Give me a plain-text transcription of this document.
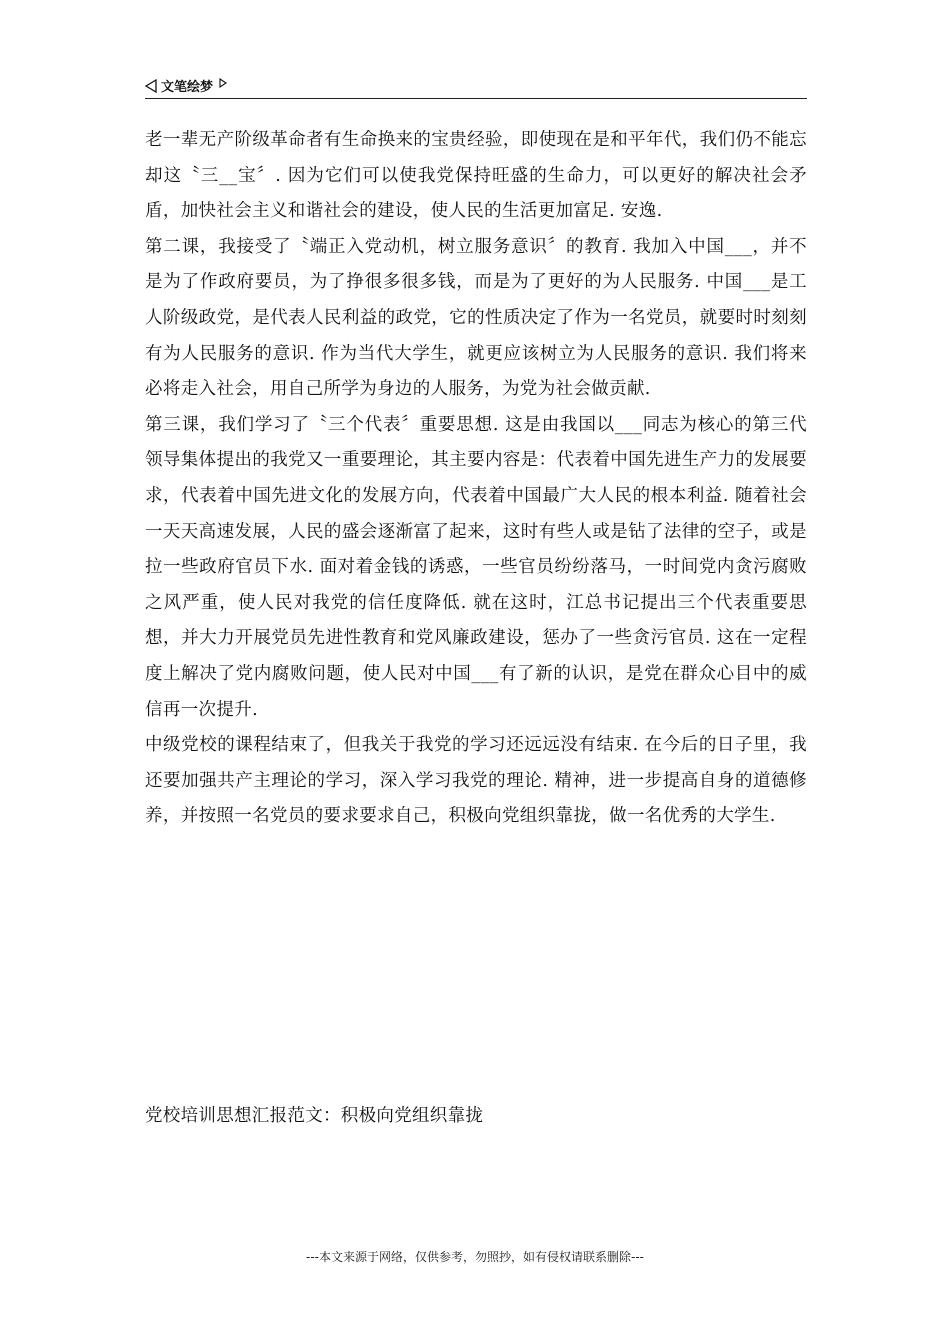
文笔绘梦

老一辈无产阶级革命者有生命换来的宝贵经验，即使现在是和平年代，我们仍不能忘却这〝三__宝〞. 因为它们可以使我党保持旺盛的生命力，可以更好的解决社会矛盾，加快社会主义和谐社会的建设，使人民的生活更加富足. 安逸.

第二课，我接受了〝端正入党动机，树立服务意识〞的教育. 我加入中国___，并不是为了作政府要员，为了挣很多很多钱，而是为了更好的为人民服务. 中国___是工人阶级政党，是代表人民利益的政党，它的性质决定了作为一名党员，就要时时刻刻有为人民服务的意识. 作为当代大学生，就更应该树立为人民服务的意识. 我们将来必将走入社会，用自己所学为身边的人服务，为党为社会做贡献.

第三课，我们学习了〝三个代表〞重要思想. 这是由我国以___同志为核心的第三代领导集体提出的我党又一重要理论，其主要内容是：代表着中国先进生产力的发展要求，代表着中国先进文化的发展方向，代表着中国最广大人民的根本利益. 随着社会一天天高速发展，人民的盛会逐渐富了起来，这时有些人或是钻了法律的空子，或是拉一些政府官员下水. 面对着金钱的诱惑，一些官员纷纷落马，一时间党内贪污腐败之风严重，使人民对我党的信任度降低. 就在这时，江总书记提出三个代表重要思想，并大力开展党员先进性教育和党风廉政建设，惩办了一些贪污官员. 这在一定程度上解决了党内腐败问题，使人民对中国___有了新的认识，是党在群众心目中的威信再一次提升.

中级党校的课程结束了，但我关于我党的学习还远远没有结束. 在今后的日子里，我还要加强共产主理论的学习，深入学习我党的理论. 精神，进一步提高自身的道德修养，并按照一名党员的要求要求自己，积极向党组织靠拢，做一名优秀的大学生.

党校培训思想汇报范文：积极向党组织靠拢

---本文来源于网络，仅供参考，勿照抄，如有侵权请联系删除---
